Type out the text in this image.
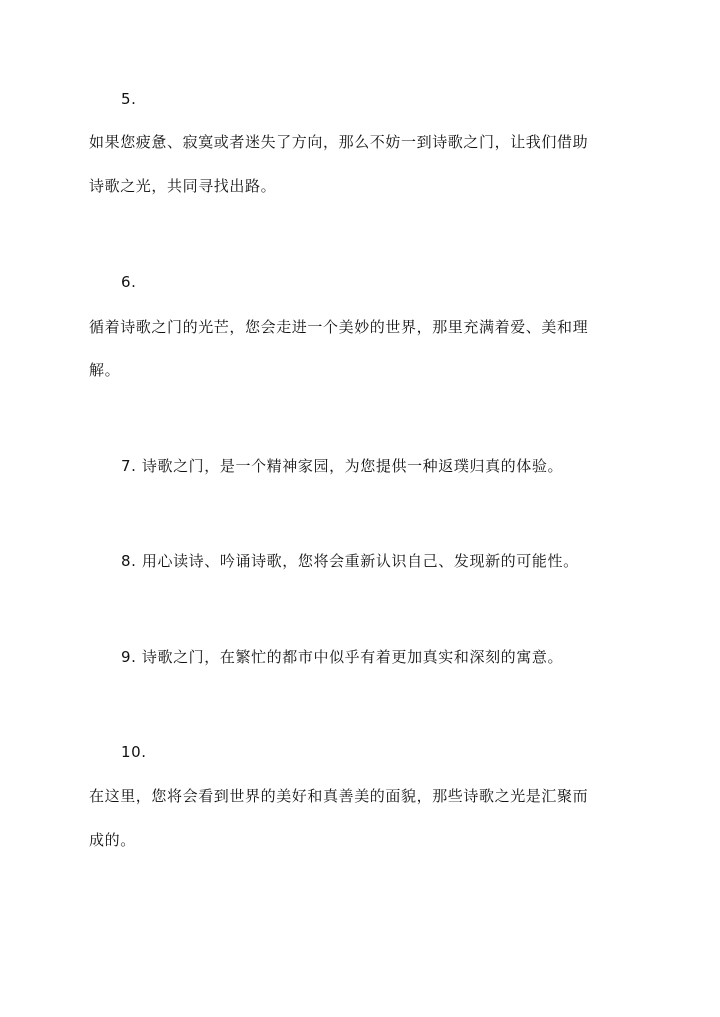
5.
如果您疲惫、寂寞或者迷失了方向，那么不妨一到诗歌之门，让我们借助
诗歌之光，共同寻找出路。
6.
循着诗歌之门的光芒，您会走进一个美妙的世界，那里充满着爱、美和理
解。
7. 诗歌之门，是一个精神家园，为您提供一种返璞归真的体验。
8. 用心读诗、吟诵诗歌，您将会重新认识自己、发现新的可能性。
9. 诗歌之门，在繁忙的都市中似乎有着更加真实和深刻的寓意。
10.
在这里，您将会看到世界的美好和真善美的面貌，那些诗歌之光是汇聚而
成的。
